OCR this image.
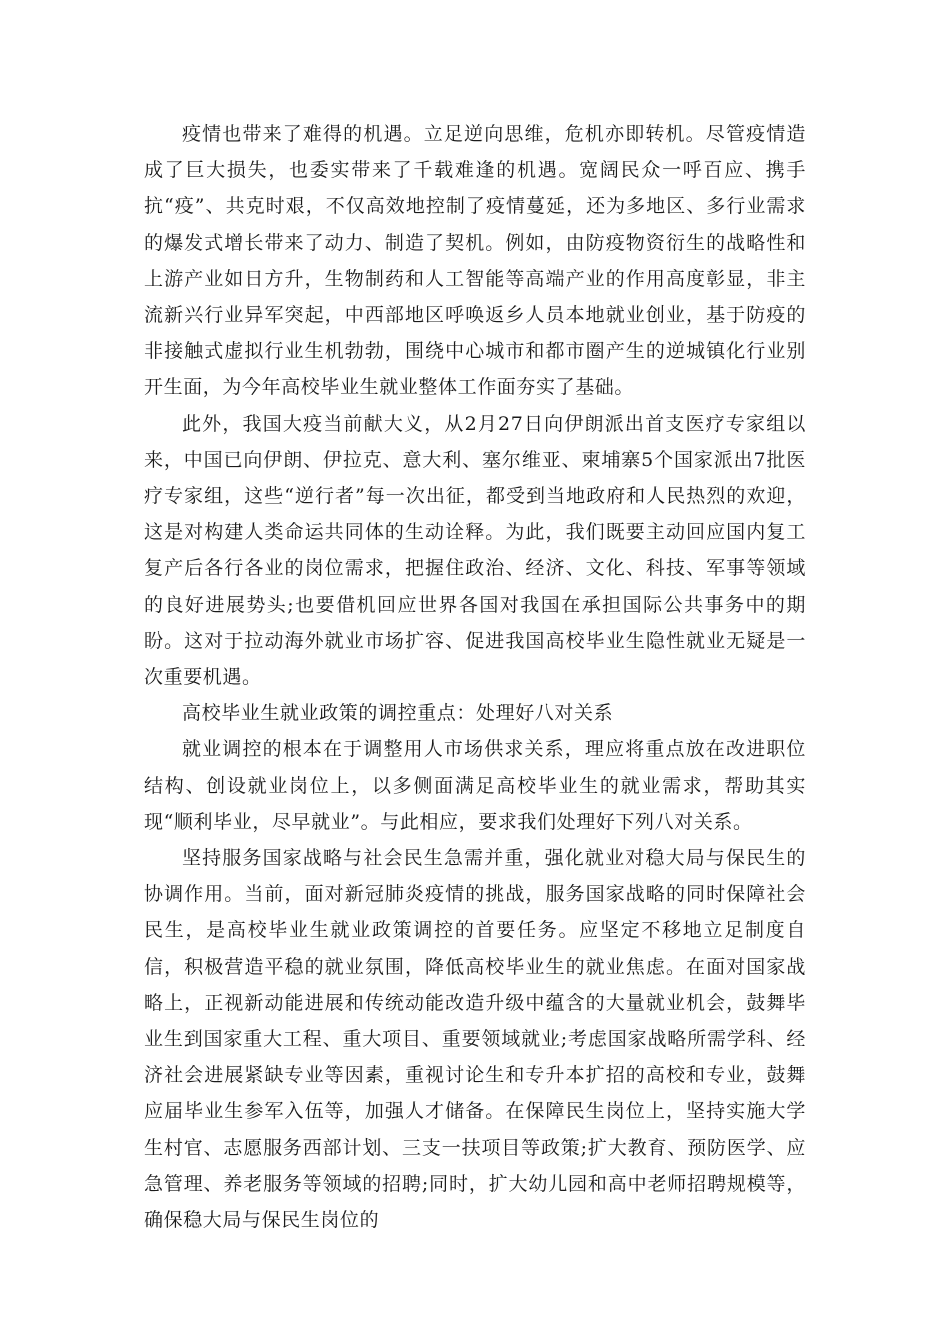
疫情也带来了难得的机遇。立足逆向思维，危机亦即转机。尽管疫情造成了巨大损失，也委实带来了千载难逢的机遇。宽阔民众一呼百应、携手抗“疫”、共克时艰，不仅高效地控制了疫情蔓延，还为多地区、多行业需求的爆发式增长带来了动力、制造了契机。例如，由防疫物资衍生的战略性和上游产业如日方升，生物制药和人工智能等高端产业的作用高度彰显，非主流新兴行业异军突起，中西部地区呼唤返乡人员本地就业创业，基于防疫的非接触式虚拟行业生机勃勃，围绕中心城市和都市圈产生的逆城镇化行业别开生面，为今年高校毕业生就业整体工作面夯实了基础。

此外，我国大疫当前献大义，从2月27日向伊朗派出首支医疗专家组以来，中国已向伊朗、伊拉克、意大利、塞尔维亚、柬埔寨5个国家派出7批医疗专家组，这些“逆行者”每一次出征，都受到当地政府和人民热烈的欢迎，这是对构建人类命运共同体的生动诠释。为此，我们既要主动回应国内复工复产后各行各业的岗位需求，把握住政治、经济、文化、科技、军事等领域的良好进展势头;也要借机回应世界各国对我国在承担国际公共事务中的期盼。这对于拉动海外就业市场扩容、促进我国高校毕业生隐性就业无疑是一次重要机遇。

高校毕业生就业政策的调控重点：处理好八对关系

就业调控的根本在于调整用人市场供求关系，理应将重点放在改进职位结构、创设就业岗位上，以多侧面满足高校毕业生的就业需求，帮助其实现“顺利毕业，尽早就业”。与此相应，要求我们处理好下列八对关系。

坚持服务国家战略与社会民生急需并重，强化就业对稳大局与保民生的协调作用。当前，面对新冠肺炎疫情的挑战，服务国家战略的同时保障社会民生，是高校毕业生就业政策调控的首要任务。应坚定不移地立足制度自信，积极营造平稳的就业氛围，降低高校毕业生的就业焦虑。在面对国家战略上，正视新动能进展和传统动能改造升级中蕴含的大量就业机会，鼓舞毕业生到国家重大工程、重大项目、重要领域就业;考虑国家战略所需学科、经济社会进展紧缺专业等因素，重视讨论生和专升本扩招的高校和专业，鼓舞应届毕业生参军入伍等，加强人才储备。在保障民生岗位上，坚持实施大学生村官、志愿服务西部计划、三支一扶项目等政策;扩大教育、预防医学、应急管理、养老服务等领域的招聘;同时，扩大幼儿园和高中老师招聘规模等，确保稳大局与保民生岗位的
